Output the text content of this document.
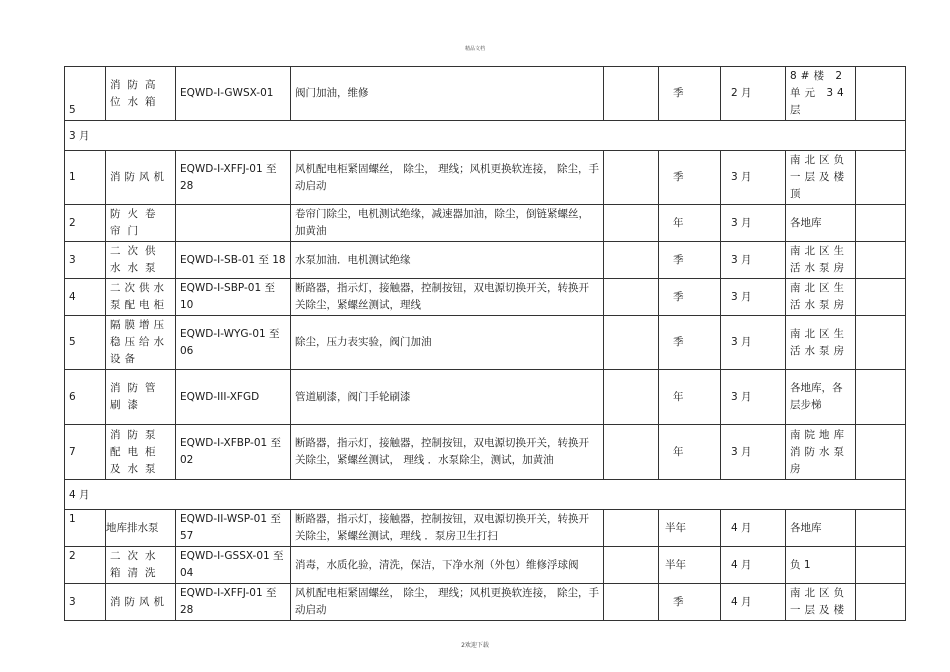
精品文档
5	消防高位水箱	EQWD-I-GWSX-01	阀门加油，维修		季	2 月	8#楼 2 单元 34 层	
3 月								
1	消防风机	EQWD-I-XFFJ-01 至 28	风机配电柜紧固螺丝， 除尘， 理线；风机更换软连接， 除尘，手动启动		季	3 月	南北区负一层及楼顶	
2	防火卷帘门		卷帘门除尘，电机测试绝缘，减速器加油，除尘，倒链紧螺丝，加黄油		年	3 月	各地库	
3	二次供水水泵	EQWD-I-SB-01 至 18	水泵加油．电机测试绝缘		季	3 月	南北区生活水泵房	
4	二次供水泵配电柜	EQWD-I-SBP-01 至 10	断路器，指示灯，接触器，控制按钮，双电源切换开关，转换开关除尘，紧螺丝测试，理线		季	3 月	南北区生活水泵房	
5	隔膜增压稳压给水设备	EQWD-I-WYG-01 至 06	除尘，压力表实验，阀门加油		季	3 月	南北区生活水泵房	
6	消防管刷漆	EQWD-III-XFGD	管道刷漆，阀门手轮刷漆		年	3 月	各地库，各层步梯	
7	消防泵配电柜及水泵	EQWD-I-XFBP-01 至 02	断路器，指示灯，接触器，控制按钮，双电源切换开关，转换开关除尘，紧螺丝测试， 理线 ．水泵除尘，测试，加黄油		年	3 月	南院地库消防水泵房	
4 月								
1	地库排水泵	EQWD-II-WSP-01 至 57	断路器，指示灯，接触器，控制按钮，双电源切换开关，转换开关除尘，紧螺丝测试，理线 ．泵房卫生打扫		半年	4 月	各地库	
2	二次水箱清洗	EQWD-I-GSSX-01 至 04	消毒，水质化验，清洗，保洁，下净水剂（外包）维修浮球阀		半年	4 月	负 1	
3	消防风机	EQWD-I-XFFJ-01 至 28	风机配电柜紧固螺丝， 除尘， 理线；风机更换软连接， 除尘，手动启动		季	4 月	南北区负一层及楼	
2欢迎下载
